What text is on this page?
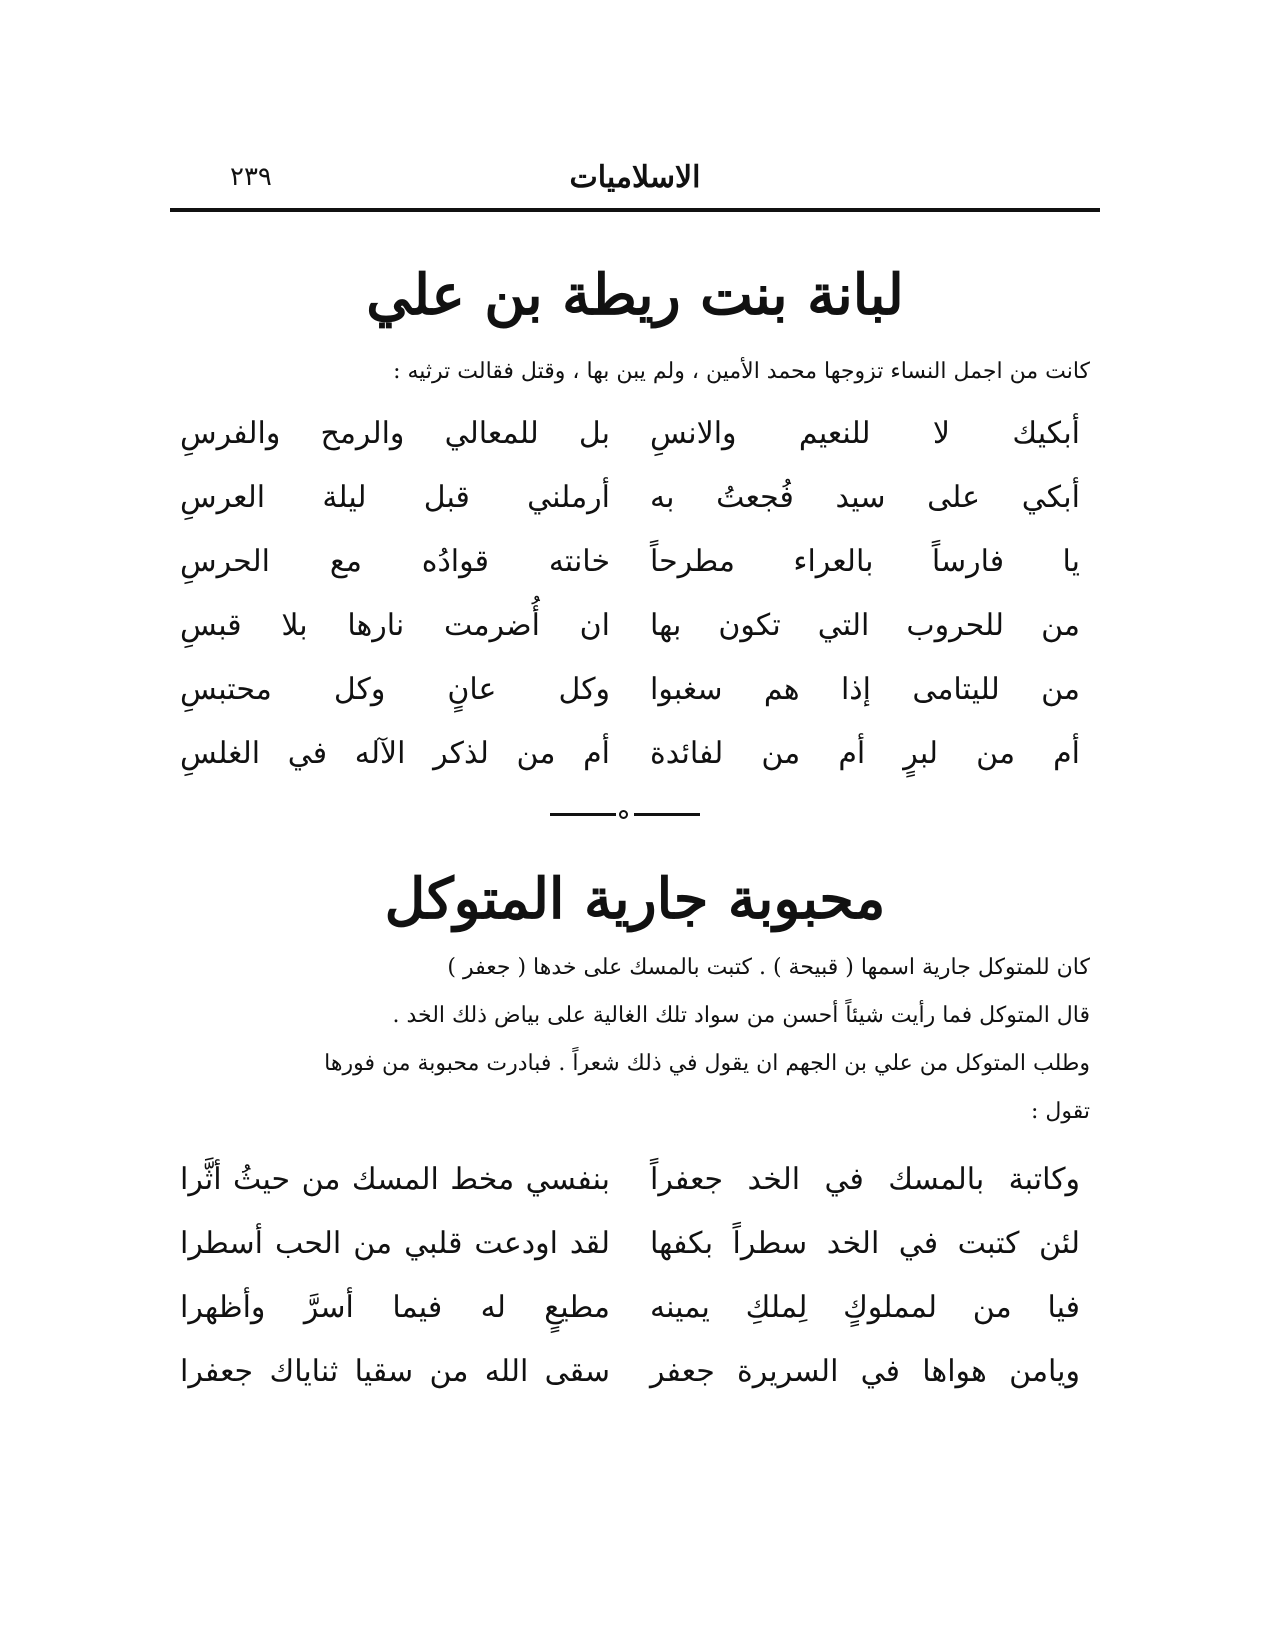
الاسلاميات
٢٣٩
لبانة بنت ريطة بن علي
كانت من اجمل النساء تزوجها محمد الأمين ، ولم يبن بها ، وقتل فقالت ترثيه :
أبكيك لا للنعيم والانسِ
بل للمعالي والرمح والفرسِ
أبكي على سيد فُجعتُ به
أرملني قبل ليلة العرسِ
يا فارساً بالعراء مطرحاً
خانته قوادُه مع الحرسِ
من للحروب التي تكون بها
ان أُضرمت نارها بلا قبسِ
من لليتامى إذا هم سغبوا
وكل عانٍ وكل محتبسِ
أم من لبرٍ أم من لفائدة
أم من لذكر الآله في الغلسِ
محبوبة جارية المتوكل
كان للمتوكل جارية اسمها ( قبيحة ) . كتبت بالمسك على خدها ( جعفر )
قال المتوكل فما رأيت شيئاً أحسن من سواد تلك الغالية على بياض ذلك الخد .
وطلب المتوكل من علي بن الجهم ان يقول في ذلك شعراً . فبادرت محبوبة من فورها
تقول :
وكاتبة بالمسك في الخد جعفراً
بنفسي مخط المسك من حيثُ أثَّرا
لئن كتبت في الخد سطراً بكفها
لقد اودعت قلبي من الحب أسطرا
فيا من لمملوكٍ لِملكِ يمينه
مطيعٍ له فيما أسرَّ وأظهرا
ويامن هواها في السريرة جعفر
سقى الله من سقيا ثناياك جعفرا
